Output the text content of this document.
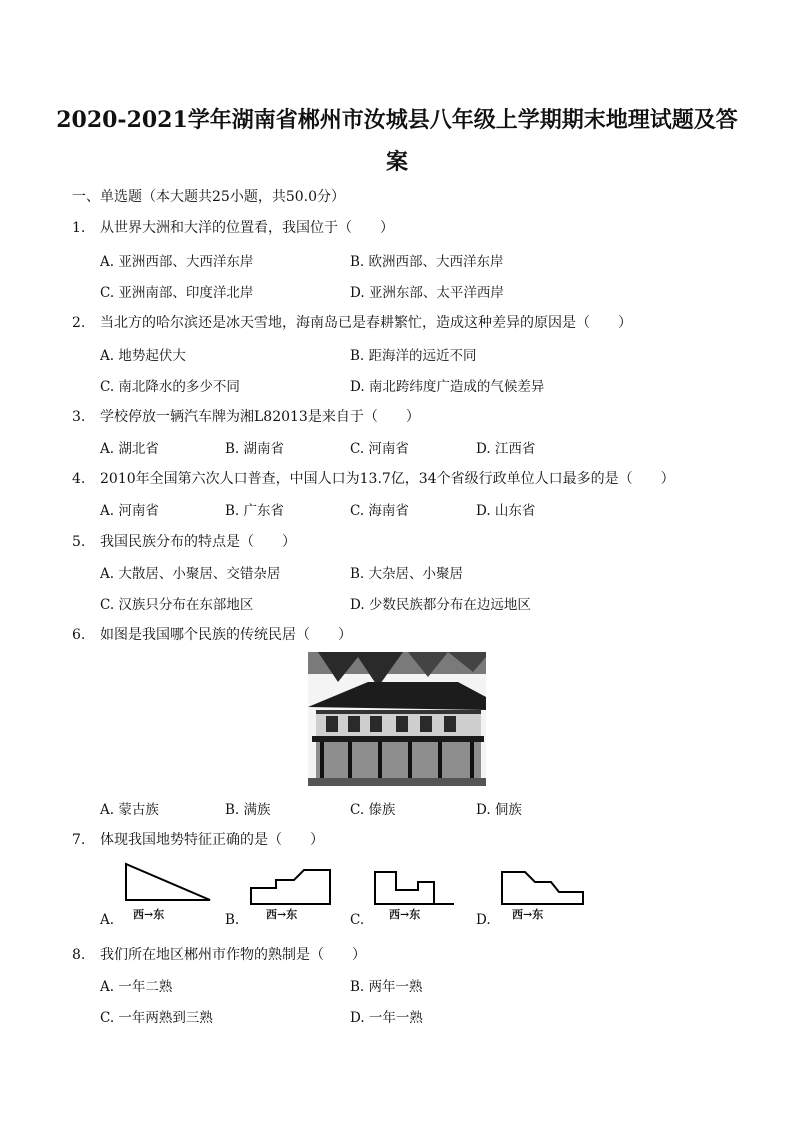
2020-2021学年湖南省郴州市汝城县八年级上学期期末地理试题及答
案
一、单选题（本大题共25小题，共50.0分）
1. 从世界大洲和大洋的位置看，我国位于（　　）
A. 亚洲西部、大西洋东岸	B. 欧洲西部、大西洋东岸
C. 亚洲南部、印度洋北岸	D. 亚洲东部、太平洋西岸
2. 当北方的哈尔滨还是冰天雪地，海南岛已是春耕繁忙，造成这种差异的原因是（　　）
A. 地势起伏大	B. 距海洋的远近不同
C. 南北降水的多少不同	D. 南北跨纬度广造成的气候差异
3. 学校停放一辆汽车牌为湘L82013是来自于（　　）
A. 湖北省	B. 湖南省	C. 河南省	D. 江西省
4. 2010年全国第六次人口普查，中国人口为13.7亿，34个省级行政单位人口最多的是（　　）
A. 河南省	B. 广东省	C. 海南省	D. 山东省
5. 我国民族分布的特点是（　　）
A. 大散居、小聚居、交错杂居	B. 大杂居、小聚居
C. 汉族只分布在东部地区	D. 少数民族都分布在边远地区
6. 如图是我国哪个民族的传统民居（　　）
A. 蒙古族	B. 满族	C. 傣族	D. 侗族
7. 体现我国地势特征正确的是（　　）
A. 西→东	B. 西→东	C. 西→东	D. 西→东
8. 我们所在地区郴州市作物的熟制是（　　）
A. 一年二熟	B. 两年一熟
C. 一年两熟到三熟	D. 一年一熟
